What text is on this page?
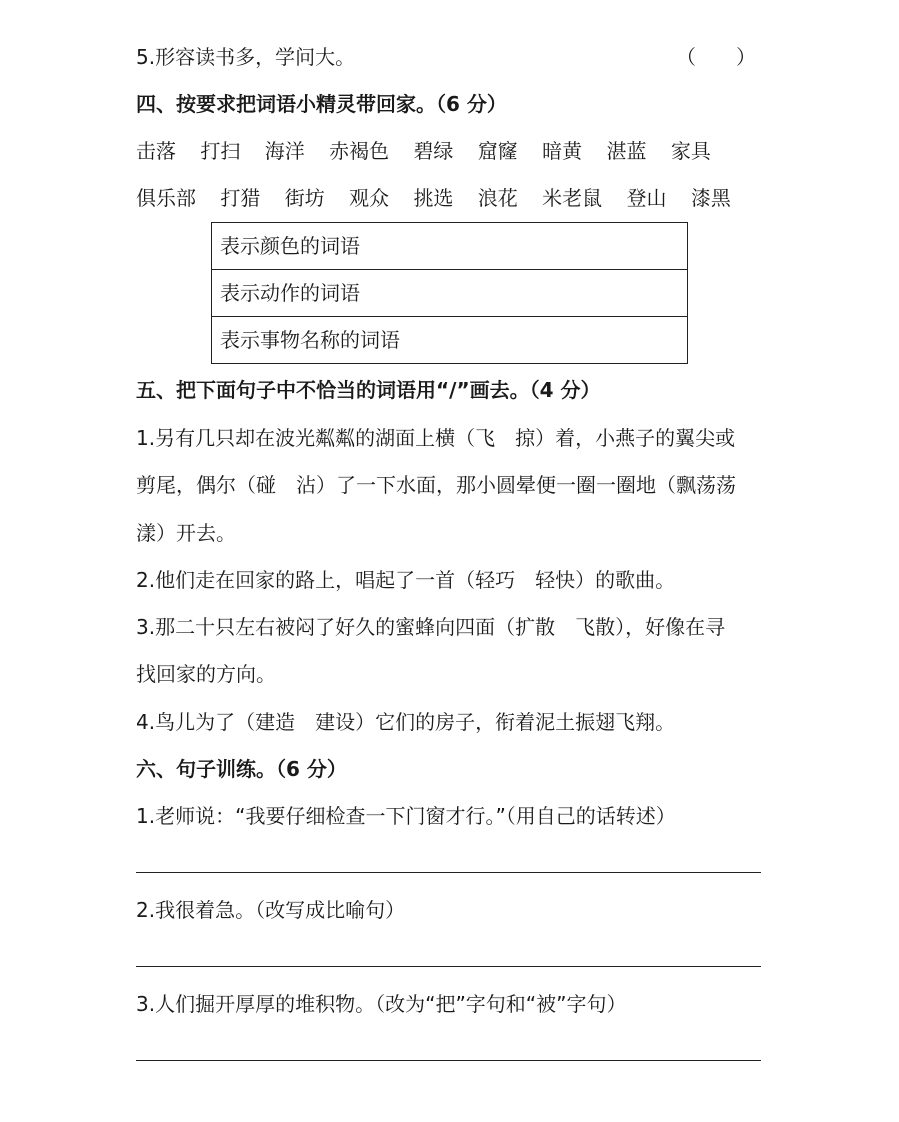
5.形容读书多，学问大。	（　　）
四、按要求把词语小精灵带回家。（6 分）
击落 打扫 海洋 赤褐色 碧绿 窟窿 暗黄 湛蓝 家具
俱乐部 打猎 街坊 观众 挑选 浪花 米老鼠 登山 漆黑
表示颜色的词语
表示动作的词语
表示事物名称的词语
五、把下面句子中不恰当的词语用“/”画去。（4 分）
1.另有几只却在波光粼粼的湖面上横（飞　掠）着，小燕子的翼尖或
剪尾，偶尔（碰　沾）了一下水面，那小圆晕便一圈一圈地（飘荡荡
漾）开去。
2.他们走在回家的路上，唱起了一首（轻巧　轻快）的歌曲。
3.那二十只左右被闷了好久的蜜蜂向四面（扩散　飞散），好像在寻
找回家的方向。
4.鸟儿为了（建造　建设）它们的房子，衔着泥土振翅飞翔。
六、句子训练。（6 分）
1.老师说：“我要仔细检查一下门窗才行。”（用自己的话转述）
2.我很着急。（改写成比喻句）
3.人们掘开厚厚的堆积物。（改为“把”字句和“被”字句）
